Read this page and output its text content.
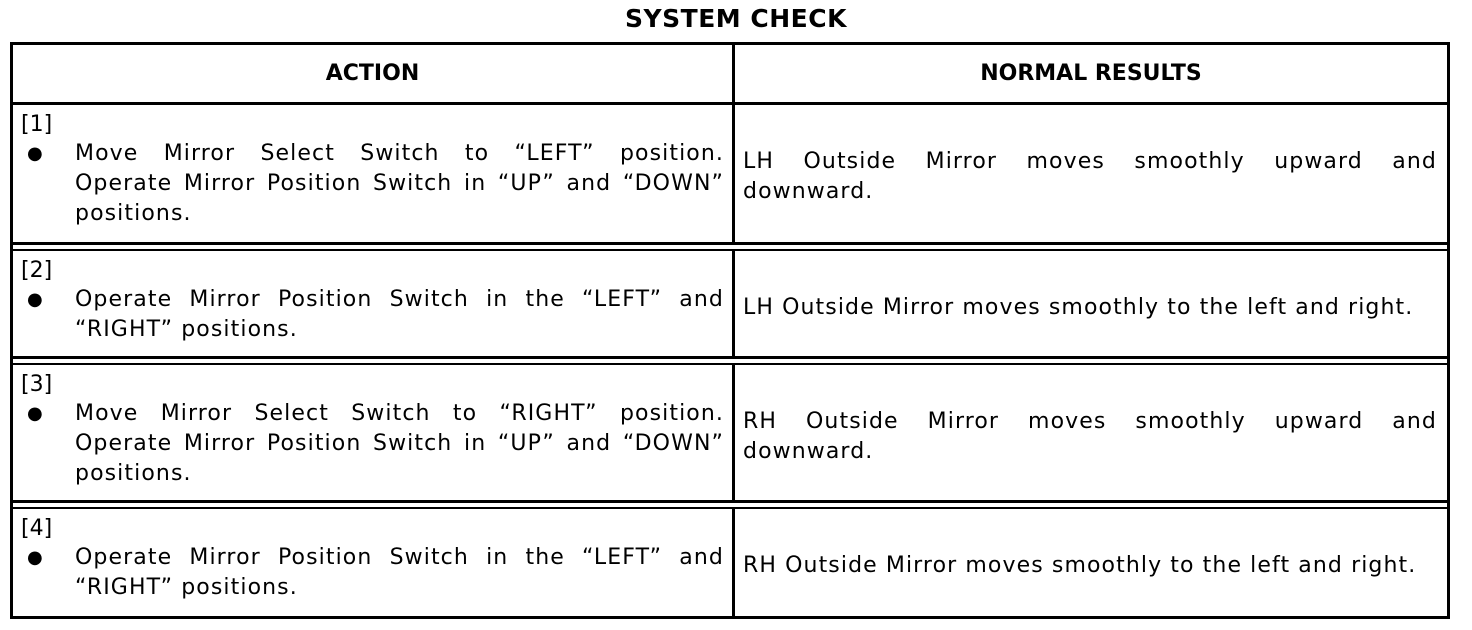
SYSTEM CHECK
ACTION	NORMAL RESULTS
[1]
●	Move Mirror Select Switch to “LEFT” position. Operate Mirror Position Switch in “UP” and “DOWN” positions.
LH Outside Mirror moves smoothly upward and downward.
[2]
●	Operate Mirror Position Switch in the “LEFT” and “RIGHT” positions.
LH Outside Mirror moves smoothly to the left and right.
[3]
●	Move Mirror Select Switch to “RIGHT” position. Operate Mirror Position Switch in “UP” and “DOWN” positions.
RH Outside Mirror moves smoothly upward and downward.
[4]
●	Operate Mirror Position Switch in the “LEFT” and “RIGHT” positions.
RH Outside Mirror moves smoothly to the left and right.
